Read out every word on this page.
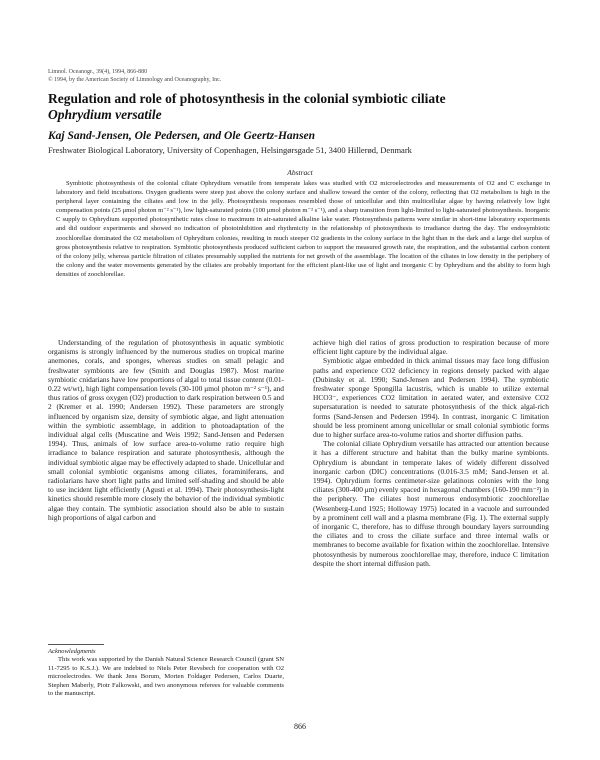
Limnol. Oceanogr., 39(4), 1994, 866-880
© 1994, by the American Society of Limnology and Oceanography, Inc.
Regulation and role of photosynthesis in the colonial symbiotic ciliate
Ophrydium versatile
Kaj Sand-Jensen, Ole Pedersen, and Ole Geertz-Hansen
Freshwater Biological Laboratory, University of Copenhagen, Helsingørsgade 51, 3400 Hillerød, Denmark
Abstract
Symbiotic photosynthesis of the colonial ciliate Ophrydium versatile from temperate lakes was studied with O2 microelectrodes and measurements of O2 and C exchange in laboratory and field incubations. Oxygen gradients were steep just above the colony surface and shallow toward the center of the colony, reflecting that O2 metabolism is high in the peripheral layer containing the ciliates and low in the jelly. Photosynthesis responses resembled those of unicellular and thin multicellular algae by having relatively low light compensation points (25 μmol photon m⁻² s⁻¹), low light-saturated points (100 μmol photon m⁻² s⁻¹), and a sharp transition from light-limited to light-saturated photosynthesis. Inorganic C supply to Ophrydium supported photosynthetic rates close to maximum in air-saturated alkaline lake water. Photosynthesis patterns were similar in short-time laboratory experiments and did outdoor experiments and showed no indication of photoinhibition and rhythmicity in the relationship of photosynthesis to irradiance during the day. The endosymbiotic zoochlorellae dominated the O2 metabolism of Ophrydium colonies, resulting in much steeper O2 gradients in the colony surface in the light than in the dark and a large diel surplus of gross photosynthesis relative to respiration. Symbiotic photosynthesis produced sufficient carbon to support the measured growth rate, the respiration, and the substantial carbon content of the colony jelly, whereas particle filtration of ciliates presumably supplied the nutrients for net growth of the assemblage. The location of the ciliates in low density in the periphery of the colony and the water movements generated by the ciliates are probably important for the efficient plant-like use of light and inorganic C by Ophrydium and the ability to form high densities of zoochlorellae.

Understanding of the regulation of photosynthesis in aquatic symbiotic organisms is strongly influenced by the numerous studies on tropical marine anemones, corals, and sponges, whereas studies on small pelagic and freshwater symbionts are few (Smith and Douglas 1987). Most marine symbiotic cnidarians have low proportions of algal to total tissue content (0.01-0.22 wt/wt), high light compensation levels (30-100 μmol photon m⁻² s⁻¹), and thus ratios of gross oxygen (O2) production to dark respiration between 0.5 and 2 (Kremer et al. 1990; Andersen 1992). These parameters are strongly influenced by organism size, density of symbiotic algae, and light attenuation within the symbiotic assemblage, in addition to photoadaptation of the individual algal cells (Muscatine and Weis 1992; Sand-Jensen and Pedersen 1994). Thus, animals of low surface area-to-volume ratio require high irradiance to balance respiration and saturate photosynthesis, although the individual symbiotic algae may be effectively adapted to shade. Unicellular and small colonial symbiotic organisms among ciliates, foraminiferans, and radiolarians have short light paths and limited self-shading and should be able to use incident light efficiently (Agusti et al. 1994). Their photosynthesis-light kinetics should resemble more closely the behavior of the individual symbiotic algae they contain. The symbiotic association should also be able to sustain high proportions of algal carbon and

achieve high diel ratios of gross production to respiration because of more efficient light capture by the individual algae.

Symbiotic algae embedded in thick animal tissues may face long diffusion paths and experience CO2 deficiency in regions densely packed with algae (Dubinsky et al. 1990; Sand-Jensen and Pedersen 1994). The symbiotic freshwater sponge Spongilla lacustris, which is unable to utilize external HCO3⁻, experiences CO2 limitation in aerated water, and extensive CO2 supersaturation is needed to saturate photosynthesis of the thick algal-rich forms (Sand-Jensen and Pedersen 1994). In contrast, inorganic C limitation should be less prominent among unicellular or small colonial symbiotic forms due to higher surface area-to-volume ratios and shorter diffusion paths.

The colonial ciliate Ophrydium versatile has attracted our attention because it has a different structure and habitat than the bulky marine symbionts. Ophrydium is abundant in temperate lakes of widely different dissolved inorganic carbon (DIC) concentrations (0.016-3.5 mM; Sand-Jensen et al. 1994). Ophrydium forms centimeter-size gelatinous colonies with the long ciliates (300-400 μm) evenly spaced in hexagonal chambers (160-190 mm⁻²) in the periphery. The ciliates host numerous endosymbiotic zoochlorellae (Wesenberg-Lund 1925; Holloway 1975) located in a vacuole and surrounded by a prominent cell wall and a plasma membrane (Fig. 1). The external supply of inorganic C, therefore, has to diffuse through boundary layers surrounding the ciliates and to cross the ciliate surface and three internal walls or membranes to become available for fixation within the zoochlorellae. Intensive photosynthesis by numerous zoochlorellae may, therefore, induce C limitation despite the short internal diffusion path.

Acknowledgments
This work was supported by the Danish Natural Science Research Council (grant SN 11-7295 to K.S.J.). We are indebted to Niels Peter Revsbech for cooperation with O2 microelectrodes. We thank Jens Borum, Morten Foldager Pedersen, Carlos Duarte, Stephen Maberly, Piotr Falkowski, and two anonymous referees for valuable comments to the manuscript.
866
